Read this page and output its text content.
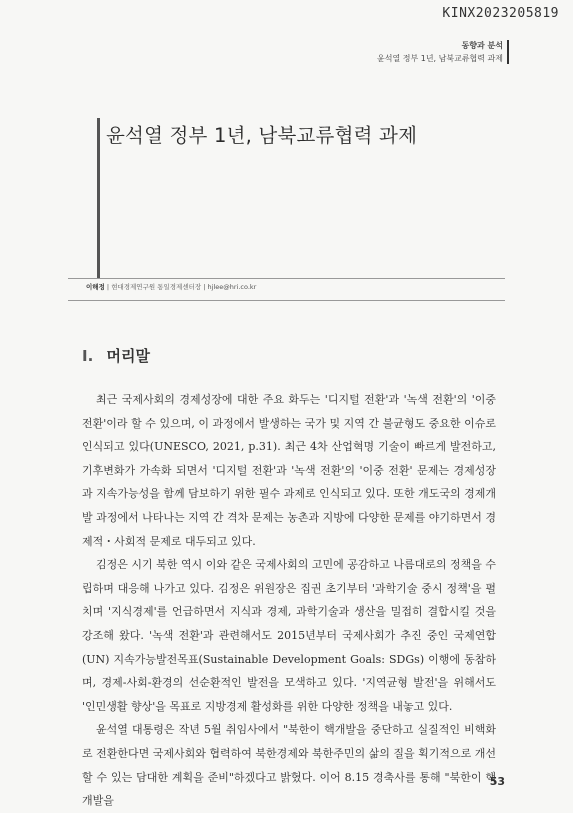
KINX2023205819
동향과 분석
윤석열 정부 1년, 남북교류협력 과제
윤석열 정부 1년, 남북교류협력 과제
이해정 | 현대경제연구원 통일경제센터장 | hjlee@hri.co.kr
Ⅰ. 머리말

최근 국제사회의 경제성장에 대한 주요 화두는 '디지털 전환'과 '녹색 전환'의 '이중 전환'이라 할 수 있으며, 이 과정에서 발생하는 국가 및 지역 간 불균형도 중요한 이슈로 인식되고 있다(UNESCO, 2021, p.31). 최근 4차 산업혁명 기술이 빠르게 발전하고, 기후변화가 가속화 되면서 '디지털 전환'과 '녹색 전환'의 '이중 전환' 문제는 경제성장과 지속가능성을 함께 담보하기 위한 필수 과제로 인식되고 있다. 또한 개도국의 경제개발 과정에서 나타나는 지역 간 격차 문제는 농촌과 지방에 다양한 문제를 야기하면서 경제적・사회적 문제로 대두되고 있다.

김정은 시기 북한 역시 이와 같은 국제사회의 고민에 공감하고 나름대로의 정책을 수립하며 대응해 나가고 있다. 김정은 위원장은 집권 초기부터 '과학기술 중시 정책'을 펼치며 '지식경제'를 언급하면서 지식과 경제, 과학기술과 생산을 밀접히 결합시킬 것을 강조해 왔다. '녹색 전환'과 관련해서도 2015년부터 국제사회가 추진 중인 국제연합(UN) 지속가능발전목표(Sustainable Development Goals: SDGs) 이행에 동참하며, 경제-사회-환경의 선순환적인 발전을 모색하고 있다. '지역균형 발전'을 위해서도 '인민생활 향상'을 목표로 지방경제 활성화를 위한 다양한 정책을 내놓고 있다.

윤석열 대통령은 작년 5월 취임사에서 "북한이 핵개발을 중단하고 실질적인 비핵화로 전환한다면 국제사회와 협력하여 북한경제와 북한주민의 삶의 질을 획기적으로 개선할 수 있는 담대한 계획을 준비"하겠다고 밝혔다. 이어 8.15 경축사를 통해 "북한이 핵개발을

53
